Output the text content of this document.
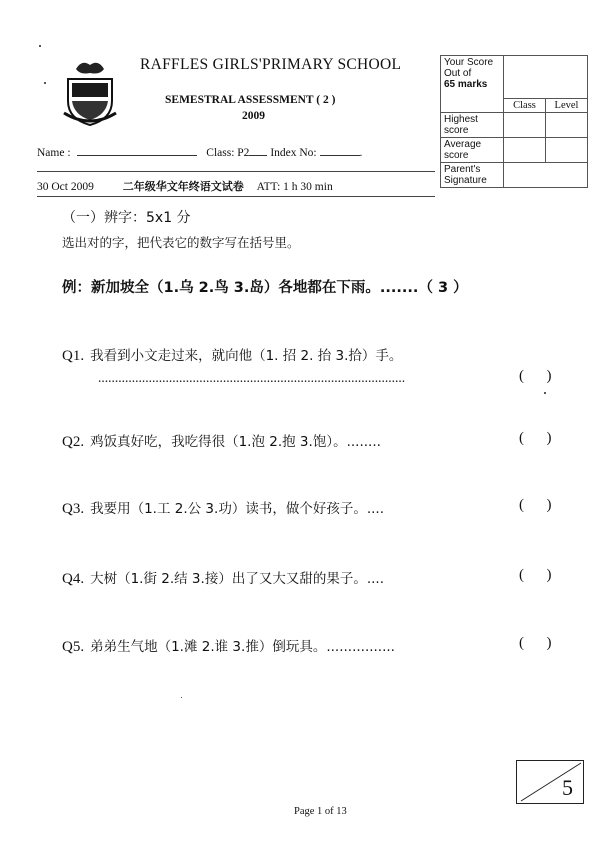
RAFFLES GIRLS'PRIMARY SCHOOL
SEMESTRAL ASSESSMENT ( 2 )
2009
Name :	Class: P2 Index No:	.
30 Oct 2009	二年级华文年终语文试卷 ATT: 1 h 30 min
Your Score Out of
65 marks		
	Class	Level
Highest score		
Average score		
Parent's Signature		
（一）辨字：5x1 分
选出对的字，把代表它的数字写在括号里。
例：新加坡全（1.乌 2.鸟 3.岛）各地都在下雨。.......（ 3 ）
Q1. 我看到小文走过来，就向他（1. 招 2. 抬 3.拾）手。
...........................................................................................	(      )
Q2. 鸡饭真好吃，我吃得很（1.泡 2.抱 3.饱）。........	(      )
Q3. 我要用（1.工 2.公 3.功）读书，做个好孩子。....	(      )
Q4. 大树（1.街 2.结 3.接）出了又大又甜的果子。....	(      )
Q5. 弟弟生气地（1.滩 2.谁 3.推）倒玩具。................	(      )
5
Page 1 of 13
